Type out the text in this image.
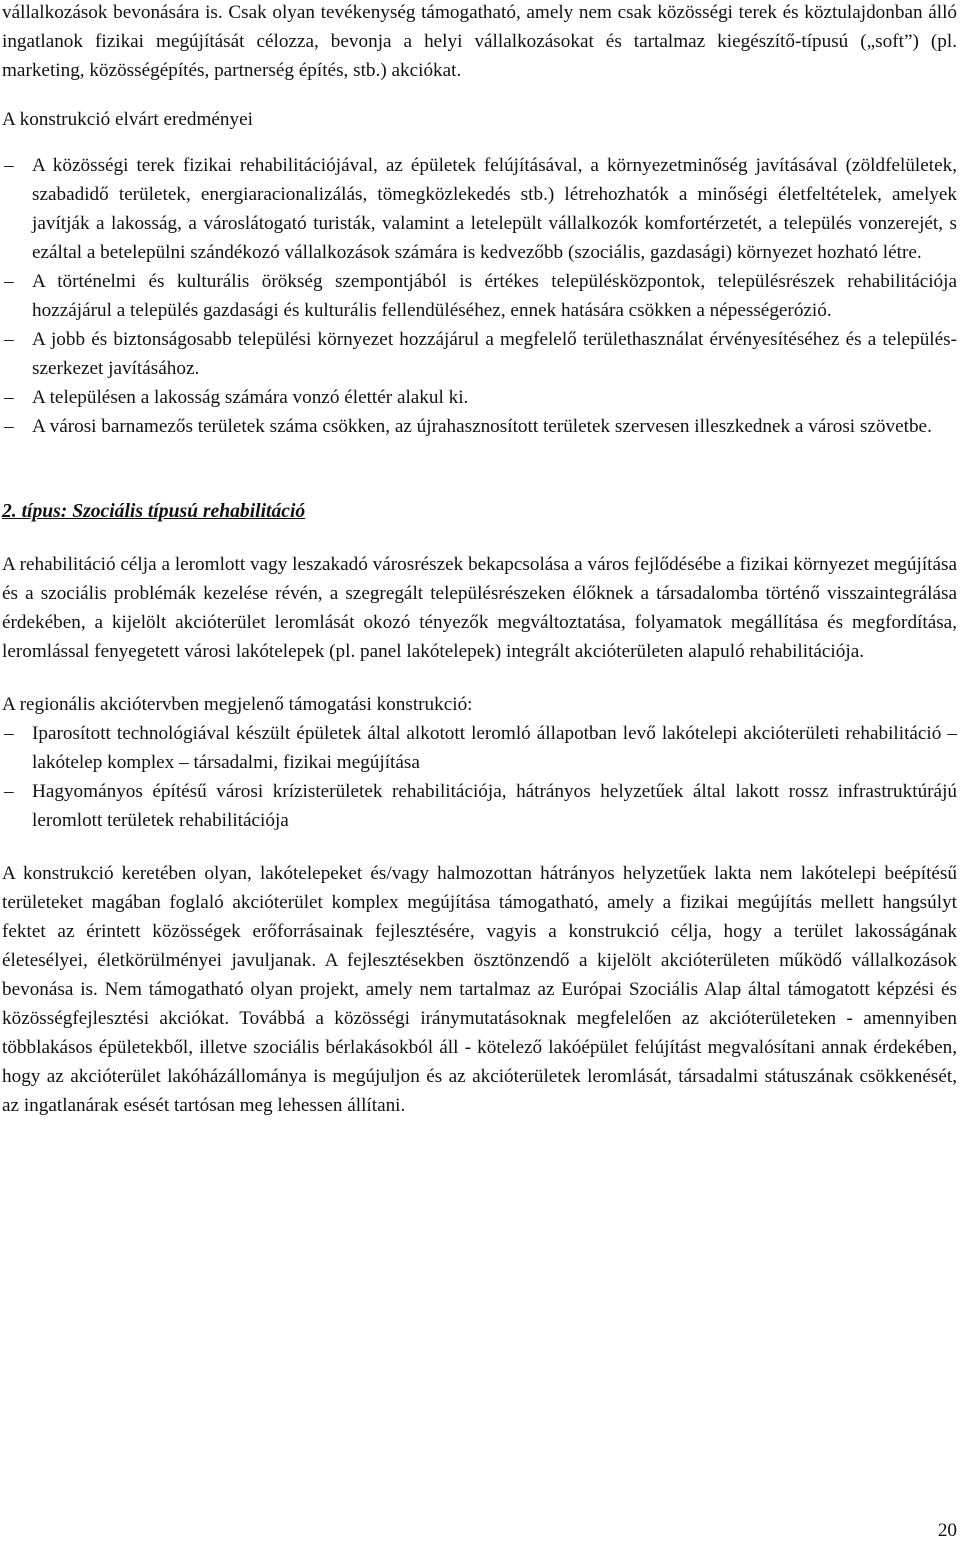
vállalkozások bevonására is. Csak olyan tevékenység támogatható, amely nem csak közösségi terek és köztulajdonban álló ingatlanok fizikai megújítását célozza, bevonja a helyi vállalkozásokat és tartalmaz kiegészítő-típusú („soft”) (pl. marketing, közösségépítés, partnerség építés, stb.) akciókat.

A konstrukció elvárt eredményei

– A közösségi terek fizikai rehabilitációjával, az épületek felújításával, a környezetminőség javításával (zöldfelületek, szabadidő területek, energiaracionalizálás, tömegközlekedés stb.) létrehozhatók a minőségi életfeltételek, amelyek javítják a lakosság, a városlátogató turisták, valamint a letelepült vállalkozók komfortérzetét, a település vonzerejét, s ezáltal a betelepülni szándékozó vállalkozások számára is kedvezőbb (szociális, gazdasági) környezet hozható létre.
– A történelmi és kulturális örökség szempontjából is értékes településközpontok, településrészek rehabilitációja hozzájárul a település gazdasági és kulturális fellendüléséhez, ennek hatására csökken a népességerózió.
– A jobb és biztonságosabb települési környezet hozzájárul a megfelelő területhasználat érvényesítéséhez és a település-szerkezet javításához.
– A településen a lakosság számára vonzó élettér alakul ki.
– A városi barnamezős területek száma csökken, az újrahasznosított területek szervesen illeszkednek a városi szövetbe.

2. típus: Szociális típusú rehabilitáció

A rehabilitáció célja a leromlott vagy leszakadó városrészek bekapcsolása a város fejlődésébe a fizikai környezet megújítása és a szociális problémák kezelése révén, a szegregált településrészeken élőknek a társadalomba történő visszaintegrálása érdekében, a kijelölt akcióterület leromlását okozó tényezők megváltoztatása, folyamatok megállítása és megfordítása, leromlással fenyegetett városi lakótelepek (pl. panel lakótelepek) integrált akcióterületen alapuló rehabilitációja.

A regionális akciótervben megjelenő támogatási konstrukció:

– Iparosított technológiával készült épületek által alkotott leromló állapotban levő lakótelepi akcióterületi rehabilitáció – lakótelep komplex – társadalmi, fizikai megújítása
– Hagyományos építésű városi krízisterületek rehabilitációja, hátrányos helyzetűek által lakott rossz infrastruktúrájú leromlott területek rehabilitációja

A konstrukció keretében olyan, lakótelepeket és/vagy halmozottan hátrányos helyzetűek lakta nem lakótelepi beépítésű területeket magában foglaló akcióterület komplex megújítása támogatható, amely a fizikai megújítás mellett hangsúlyt fektet az érintett közösségek erőforrásainak fejlesztésére, vagyis a konstrukció célja, hogy a terület lakosságának életesélyei, életkörülményei javuljanak. A fejlesztésekben ösztönzendő a kijelölt akcióterületen működő vállalkozások bevonása is. Nem támogatható olyan projekt, amely nem tartalmaz az Európai Szociális Alap által támogatott képzési és közösségfejlesztési akciókat. Továbbá a közösségi iránymutatásoknak megfelelően az akcióterületeken - amennyiben többlakásos épületekből, illetve szociális bérlakásokból áll - kötelező lakóépület felújítást megvalósítani annak érdekében, hogy az akcióterület lakóházállománya is megújuljon és az akcióterületek leromlását, társadalmi státuszának csökkenését, az ingatlanárak esését tartósan meg lehessen állítani.

20
